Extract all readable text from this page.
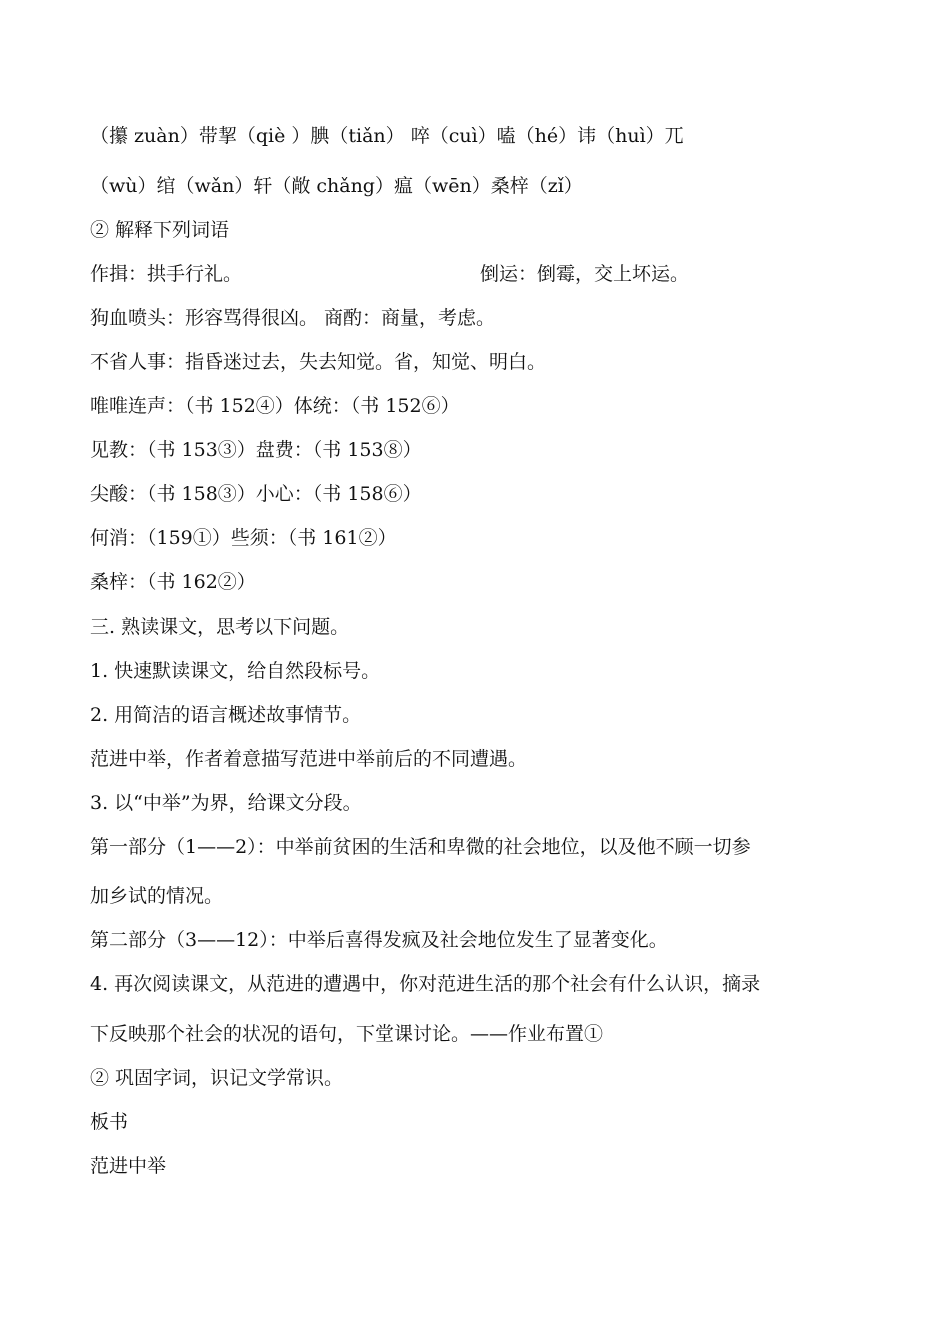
（攥 zuàn）带挈（qiè ）腆（tiǎn） 啐（cuì）嗑（hé）讳（huì）兀
（wù）绾（wǎn）轩（敞 chǎng）瘟（wēn）桑梓（zǐ）
② 解释下列词语
作揖：拱手行礼。	倒运：倒霉，交上坏运。
狗血喷头：形容骂得很凶。 商酌：商量，考虑。
不省人事：指昏迷过去，失去知觉。省，知觉、明白。
唯唯连声：（书 152④）体统：（书 152⑥）
见教：（书 153③）盘费：（书 153⑧）
尖酸：（书 158③）小心：（书 158⑥）
何消：（159①）些须：（书 161②）
桑梓：（书 162②）
三. 熟读课文，思考以下问题。
1. 快速默读课文，给自然段标号。
2. 用简洁的语言概述故事情节。
范进中举，作者着意描写范进中举前后的不同遭遇。
3. 以“中举”为界，给课文分段。
第一部分（1——2）：中举前贫困的生活和卑微的社会地位，以及他不顾一切参
加乡试的情况。
第二部分（3——12）：中举后喜得发疯及社会地位发生了显著变化。
4. 再次阅读课文，从范进的遭遇中，你对范进生活的那个社会有什么认识，摘录
下反映那个社会的状况的语句，下堂课讨论。——作业布置①
② 巩固字词，识记文学常识。
板书
范进中举
